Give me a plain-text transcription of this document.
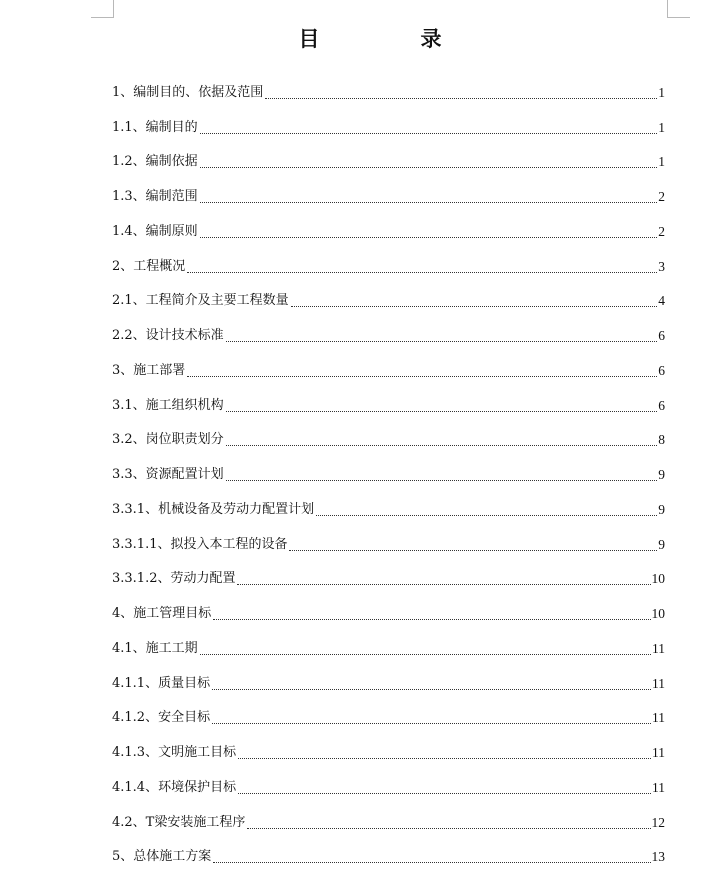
目　录
1、编制目的、依据及范围	1
1.1、编制目的	1
1.2、编制依据	1
1.3、编制范围	2
1.4、编制原则	2
2、工程概况	3
2.1、工程简介及主要工程数量	4
2.2、设计技术标准	6
3、施工部署	6
3.1、施工组织机构	6
3.2、岗位职责划分	8
3.3、资源配置计划	9
3.3.1、机械设备及劳动力配置计划	9
3.3.1.1、拟投入本工程的设备	9
3.3.1.2、劳动力配置	10
4、施工管理目标	10
4.1、施工工期	11
4.1.1、质量目标	11
4.1.2、安全目标	11
4.1.3、文明施工目标	11
4.1.4、环境保护目标	11
4.2、T梁安装施工程序	12
5、总体施工方案	13
